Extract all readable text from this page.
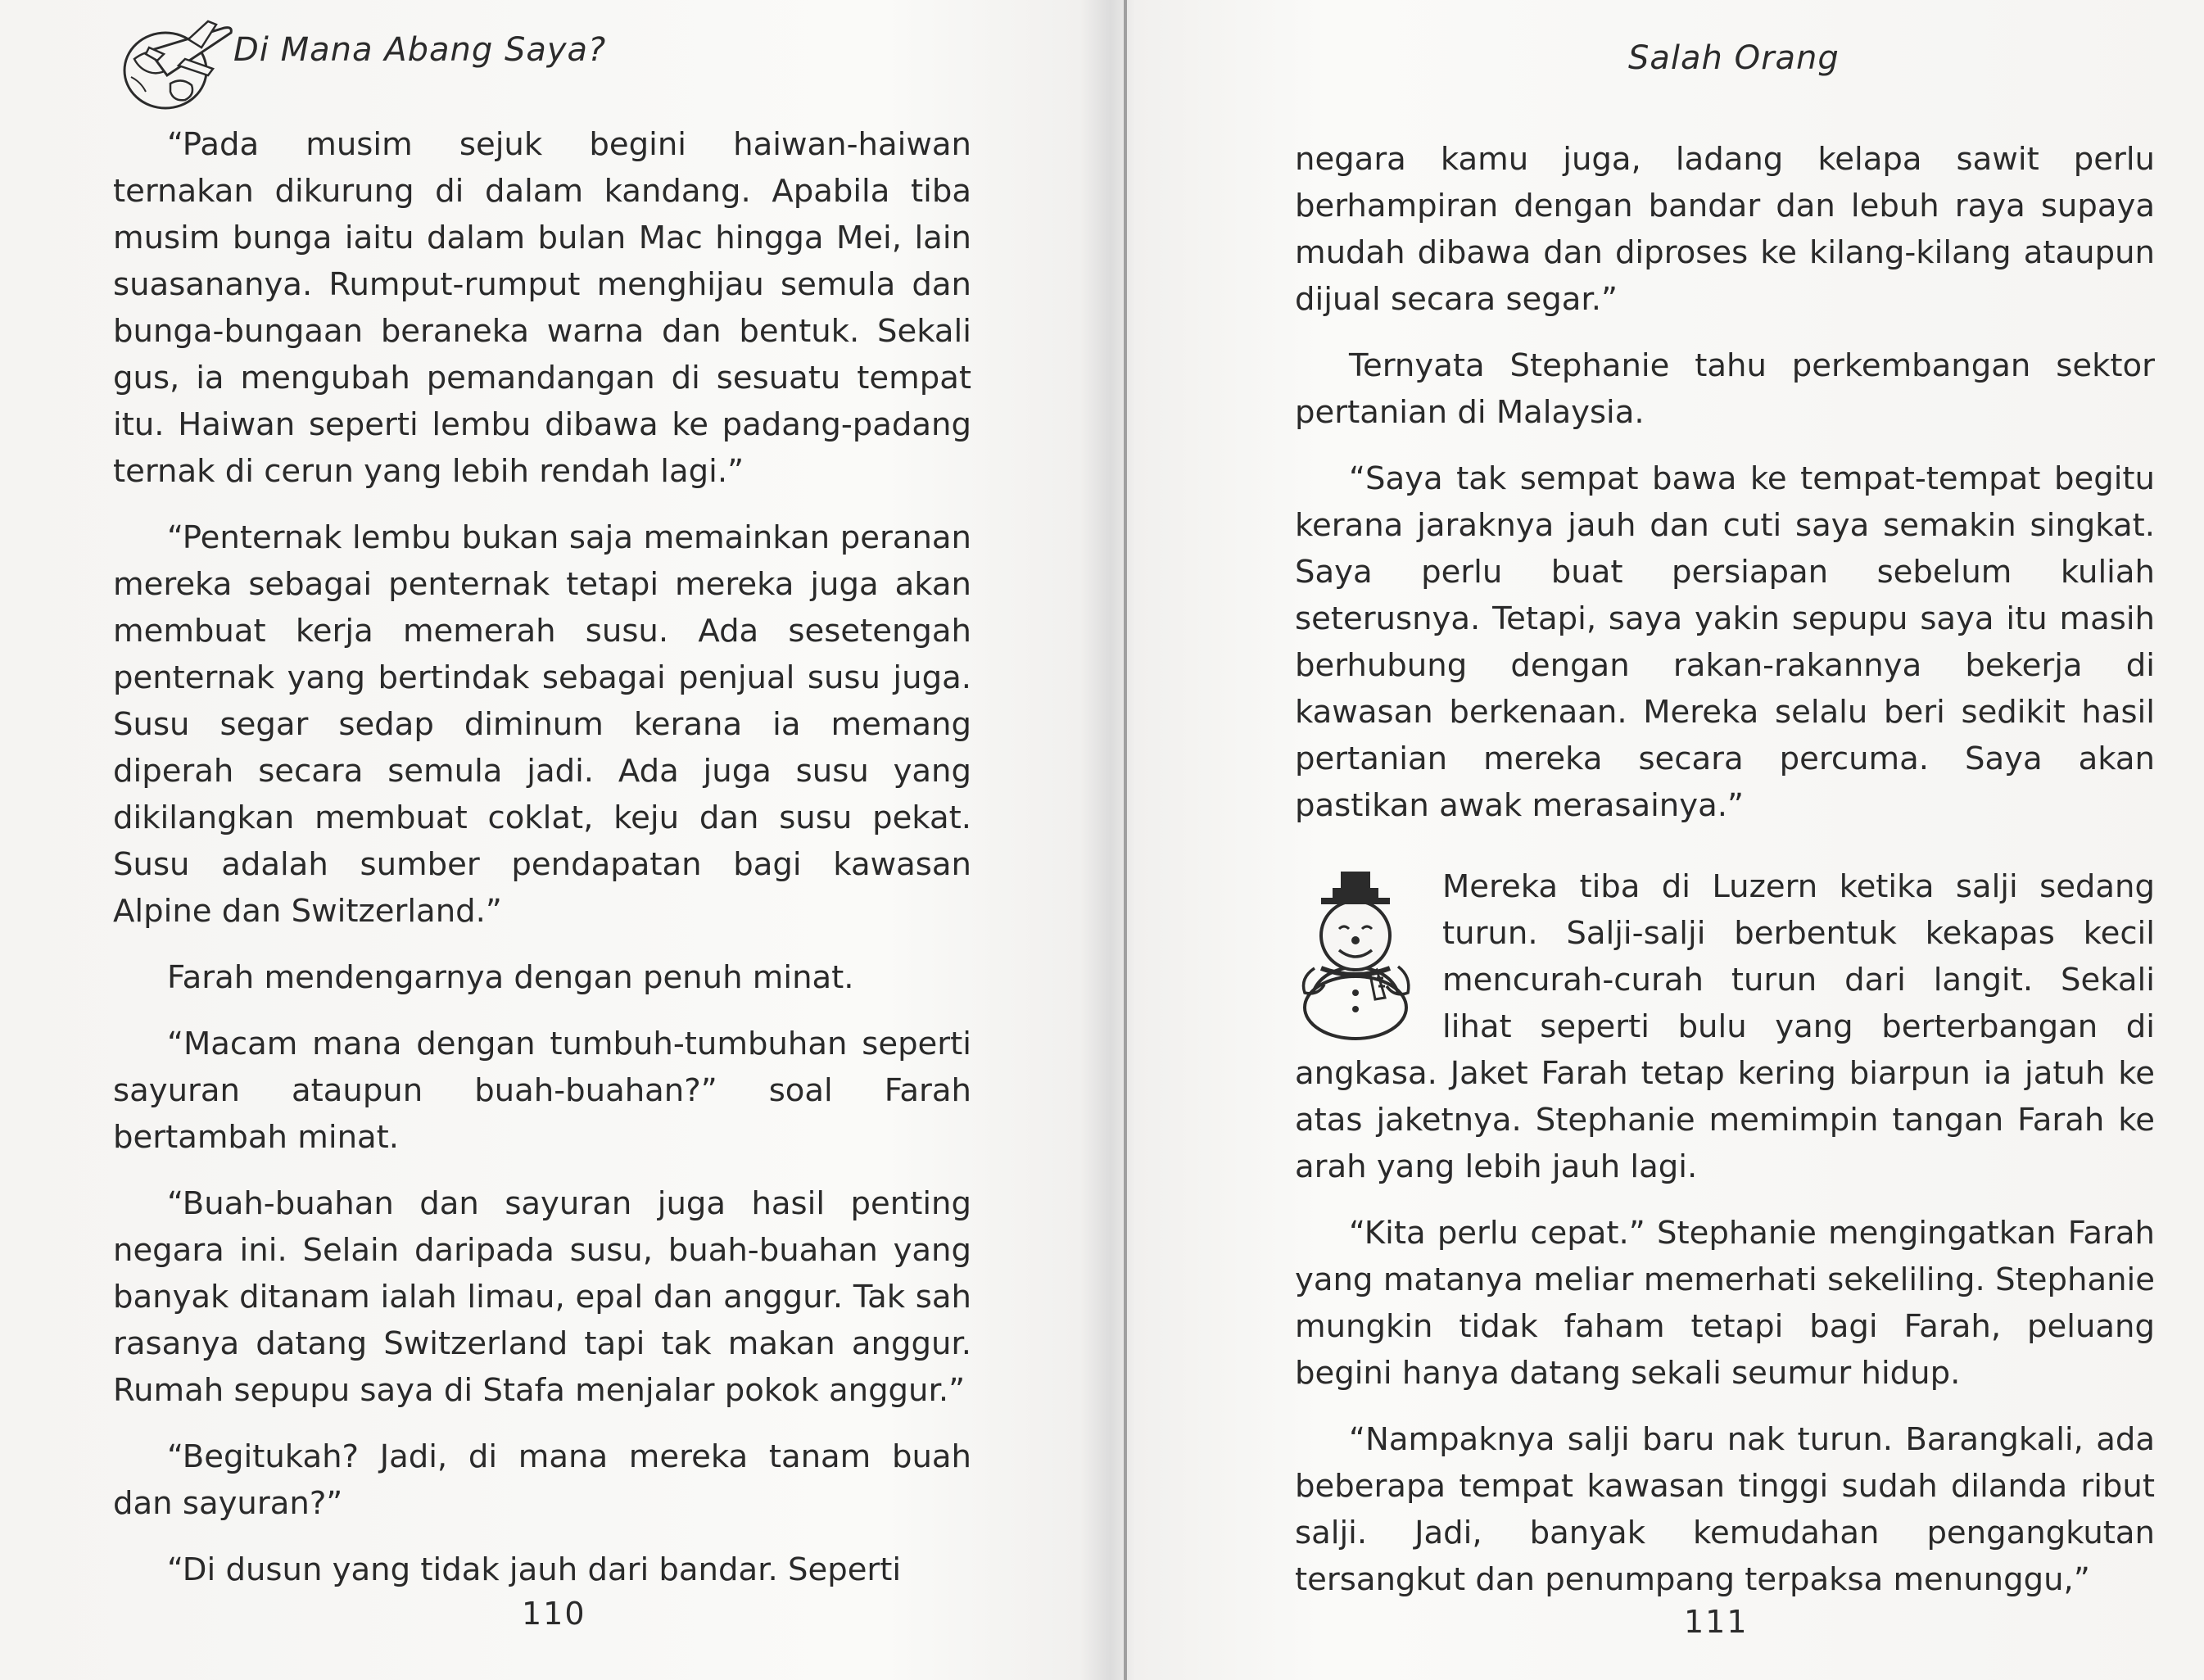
Di Mana Abang Saya?

“Pada musim sejuk begini haiwan-haiwan ternakan dikurung di dalam kandang. Apabila tiba musim bunga iaitu dalam bulan Mac hingga Mei, lain suasananya. Rumput-rumput menghijau semula dan bunga-bungaan beraneka warna dan bentuk. Sekali gus, ia mengubah pemandangan di sesuatu tempat itu. Haiwan seperti lembu dibawa ke padang-padang ternak di cerun yang lebih rendah lagi.”

“Penternak lembu bukan saja memainkan peranan mereka sebagai penternak tetapi mereka juga akan membuat kerja memerah susu. Ada sesetengah penternak yang bertindak sebagai penjual susu juga. Susu segar sedap diminum kerana ia memang diperah secara semula jadi. Ada juga susu yang dikilangkan membuat coklat, keju dan susu pekat. Susu adalah sumber pendapatan bagi kawasan Alpine dan Switzerland.”

Farah mendengarnya dengan penuh minat.

“Macam mana dengan tumbuh-tumbuhan seperti sayuran ataupun buah-buahan?” soal Farah bertambah minat.

“Buah-buahan dan sayuran juga hasil penting negara ini. Selain daripada susu, buah-buahan yang banyak ditanam ialah limau, epal dan anggur. Tak sah rasanya datang Switzerland tapi tak makan anggur. Rumah sepupu saya di Stafa menjalar pokok anggur.”

“Begitukah? Jadi, di mana mereka tanam buah dan sayuran?”

“Di dusun yang tidak jauh dari bandar. Seperti

110
Salah Orang

negara kamu juga, ladang kelapa sawit perlu berhampiran dengan bandar dan lebuh raya supaya mudah dibawa dan diproses ke kilang-kilang ataupun dijual secara segar.”

Ternyata Stephanie tahu perkembangan sektor pertanian di Malaysia.

“Saya tak sempat bawa ke tempat-tempat begitu kerana jaraknya jauh dan cuti saya semakin singkat. Saya perlu buat persiapan sebelum kuliah seterusnya. Tetapi, saya yakin sepupu saya itu masih berhubung dengan rakan-rakannya bekerja di kawasan berkenaan. Mereka selalu beri sedikit hasil pertanian mereka secara percuma. Saya akan pastikan awak merasainya.”

Mereka tiba di Luzern ketika salji sedang turun. Salji-salji berbentuk kekapas kecil mencurah-curah turun dari langit. Sekali lihat seperti bulu yang berterbangan di angkasa. Jaket Farah tetap kering biarpun ia jatuh ke atas jaketnya. Stephanie memimpin tangan Farah ke arah yang lebih jauh lagi.

“Kita perlu cepat.” Stephanie mengingatkan Farah yang matanya meliar memerhati sekeliling. Stephanie mungkin tidak faham tetapi bagi Farah, peluang begini hanya datang sekali seumur hidup.

“Nampaknya salji baru nak turun. Barangkali, ada beberapa tempat kawasan tinggi sudah dilanda ribut salji. Jadi, banyak kemudahan pengangkutan tersangkut dan penumpang terpaksa menunggu,”

111
